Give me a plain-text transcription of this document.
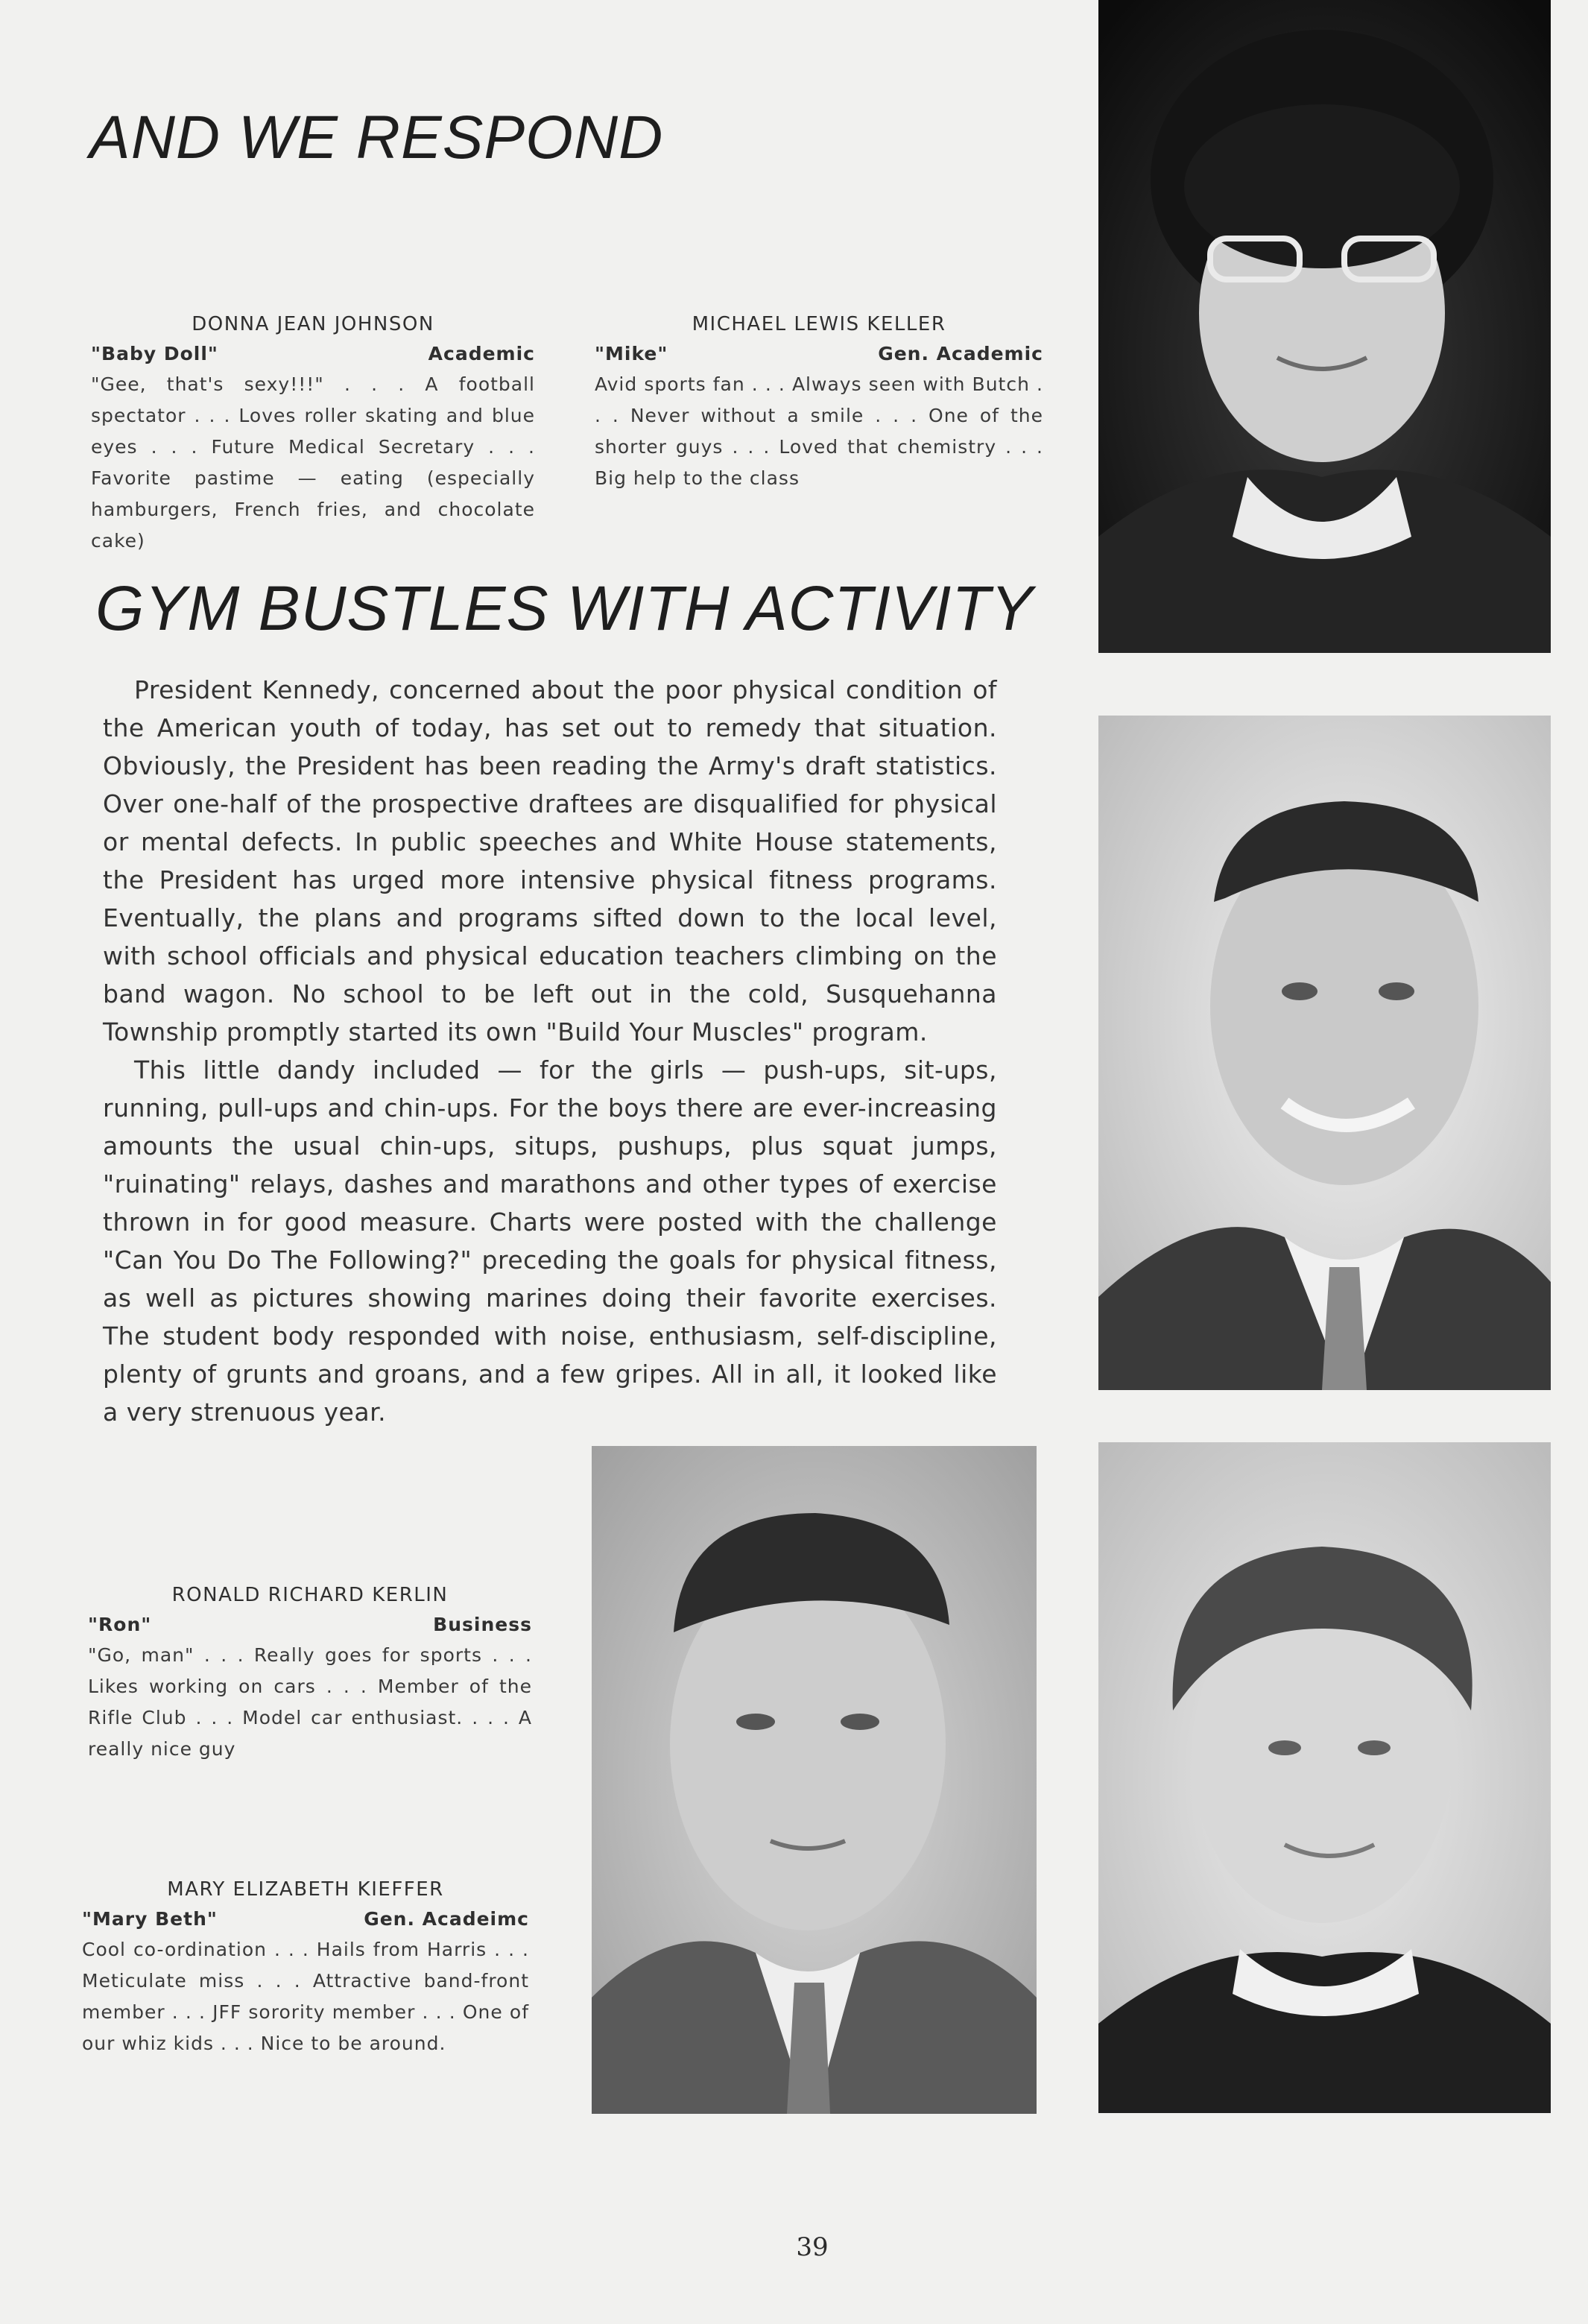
AND WE RESPOND
DONNA JEAN JOHNSON
"Baby Doll"	Academic
"Gee, that's sexy!!!" . . . A football spectator . . . Loves roller skating and blue eyes . . . Future Medical Secretary . . . Favorite pastime — eating (especially hamburgers, French fries, and chocolate cake)
MICHAEL LEWIS KELLER
"Mike"	Gen. Academic
Avid sports fan . . . Always seen with Butch . . . Never without a smile . . . One of the shorter guys . . . Loved that chemistry . . . Big help to the class
GYM BUSTLES WITH ACTIVITY

President Kennedy, concerned about the poor physical condition of the American youth of today, has set out to remedy that situation. Obviously, the President has been reading the Army's draft statistics. Over one-half of the prospective draftees are disqualified for physical or mental defects. In public speeches and White House statements, the President has urged more intensive physical fitness programs. Eventually, the plans and programs sifted down to the local level, with school officials and physical education teachers climbing on the band wagon. No school to be left out in the cold, Susquehanna Township promptly started its own "Build Your Muscles" program.

This little dandy included — for the girls — push-ups, sit-ups, running, pull-ups and chin-ups. For the boys there are ever-increasing amounts the usual chin-ups, situps, pushups, plus squat jumps, "ruinating" relays, dashes and marathons and other types of exercise thrown in for good measure. Charts were posted with the challenge "Can You Do The Following?" preceding the goals for physical fitness, as well as pictures showing marines doing their favorite exercises. The student body responded with noise, enthusiasm, self-discipline, plenty of grunts and groans, and a few gripes. All in all, it looked like a very strenuous year.

RONALD RICHARD KERLIN
"Ron"	Business
"Go, man" . . . Really goes for sports . . . Likes working on cars . . . Member of the Rifle Club . . . Model car enthusiast. . . . A really nice guy
MARY ELIZABETH KIEFFER
"Mary Beth"	Gen. Acadeimc
Cool co-ordination . . . Hails from Harris . . . Meticulate miss . . . Attractive band-front member . . . JFF sorority member . . . One of our whiz kids . . . Nice to be around.
39
